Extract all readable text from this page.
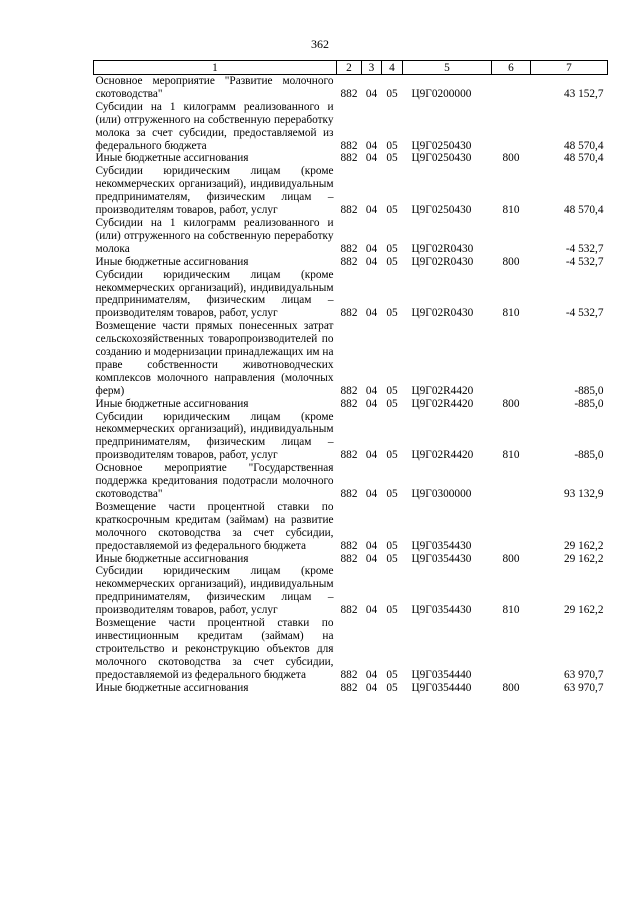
362
1	2	3	4	5	6	7
Основное мероприятие "Развитие молочного скотоводства"	882	04	05	Ц9Г0200000		43 152,7
Субсидии на 1 килограмм реализованного и (или) отгруженного на собственную переработку молока за счет субсидии, предоставляемой из федерального бюджета	882	04	05	Ц9Г0250430		48 570,4
Иные бюджетные ассигнования	882	04	05	Ц9Г0250430	800	48 570,4
Субсидии юридическим лицам (кроме некоммерческих организаций), индивидуальным предпринимателям, физическим лицам – производителям товаров, работ, услуг	882	04	05	Ц9Г0250430	810	48 570,4
Субсидии на 1 килограмм реализованного и (или) отгруженного на собственную переработку молока	882	04	05	Ц9Г02R0430		-4 532,7
Иные бюджетные ассигнования	882	04	05	Ц9Г02R0430	800	-4 532,7
Субсидии юридическим лицам (кроме некоммерческих организаций), индивидуальным предпринимателям, физическим лицам – производителям товаров, работ, услуг	882	04	05	Ц9Г02R0430	810	-4 532,7
Возмещение части прямых понесенных затрат сельскохозяйственных товаропроизводителей по созданию и модернизации принадлежащих им на праве собственности животноводческих комплексов молочного направления (молочных ферм)	882	04	05	Ц9Г02R4420		-885,0
Иные бюджетные ассигнования	882	04	05	Ц9Г02R4420	800	-885,0
Субсидии юридическим лицам (кроме некоммерческих организаций), индивидуальным предпринимателям, физическим лицам – производителям товаров, работ, услуг	882	04	05	Ц9Г02R4420	810	-885,0
Основное мероприятие "Государственная поддержка кредитования подотрасли молочного скотоводства"	882	04	05	Ц9Г0300000		93 132,9
Возмещение части процентной ставки по краткосрочным кредитам (займам) на развитие молочного скотоводства за счет субсидии, предоставляемой из федерального бюджета	882	04	05	Ц9Г0354430		29 162,2
Иные бюджетные ассигнования	882	04	05	Ц9Г0354430	800	29 162,2
Субсидии юридическим лицам (кроме некоммерческих организаций), индивидуальным предпринимателям, физическим лицам – производителям товаров, работ, услуг	882	04	05	Ц9Г0354430	810	29 162,2
Возмещение части процентной ставки по инвестиционным кредитам (займам) на строительство и реконструкцию объектов для молочного скотоводства за счет субсидии, предоставляемой из федерального бюджета	882	04	05	Ц9Г0354440		63 970,7
Иные бюджетные ассигнования	882	04	05	Ц9Г0354440	800	63 970,7
